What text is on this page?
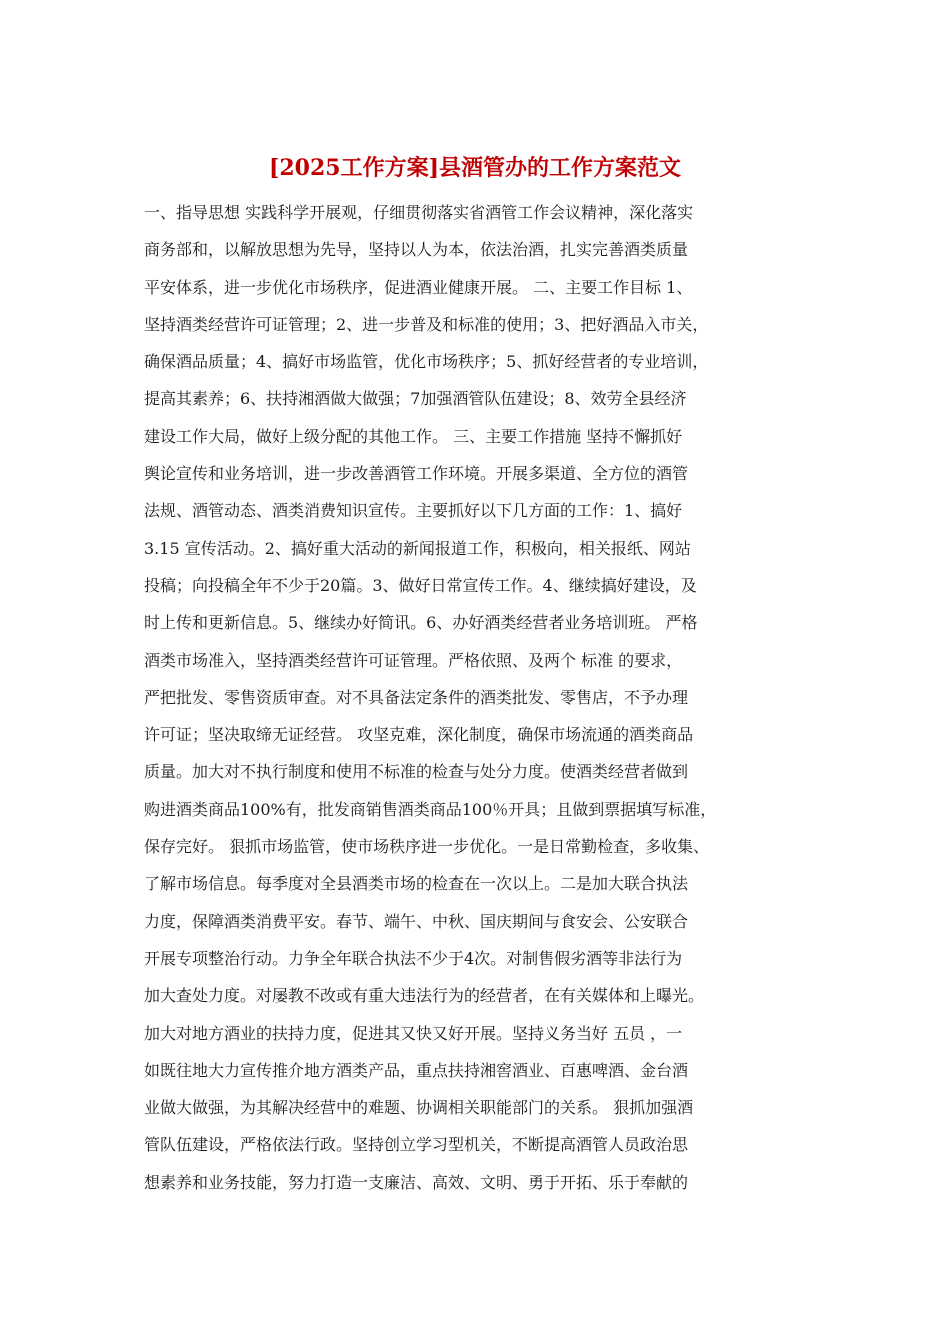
[2025工作方案]县酒管办的工作方案范文
一、指导思想 实践科学开展观，仔细贯彻落实省酒管工作会议精神，深化落实
商务部和，以解放思想为先导，坚持以人为本，依法治酒，扎实完善酒类质量
平安体系，进一步优化市场秩序，促进酒业健康开展。 二、主要工作目标 1、
坚持酒类经营许可证管理；2、进一步普及和标准的使用；3、把好酒品入市关，
确保酒品质量；4、搞好市场监管，优化市场秩序；5、抓好经营者的专业培训，
提高其素养；6、扶持湘酒做大做强；7加强酒管队伍建设；8、效劳全县经济
建设工作大局，做好上级分配的其他工作。 三、主要工作措施 坚持不懈抓好
舆论宣传和业务培训，进一步改善酒管工作环境。开展多渠道、全方位的酒管
法规、酒管动态、酒类消费知识宣传。主要抓好以下几方面的工作：1、搞好
3.15 宣传活动。2、搞好重大活动的新闻报道工作，积极向，相关报纸、网站
投稿；向投稿全年不少于20篇。3、做好日常宣传工作。4、继续搞好建设，及
时上传和更新信息。5、继续办好简讯。6、办好酒类经营者业务培训班。 严格
酒类市场准入，坚持酒类经营许可证管理。严格依照、及两个 标准 的要求，
严把批发、零售资质审查。对不具备法定条件的酒类批发、零售店，不予办理
许可证；坚决取缔无证经营。 攻坚克难，深化制度，确保市场流通的酒类商品
质量。加大对不执行制度和使用不标准的检查与处分力度。使酒类经营者做到
购进酒类商品100%有，批发商销售酒类商品100％开具；且做到票据填写标准，
保存完好。 狠抓市场监管，使市场秩序进一步优化。一是日常勤检查，多收集、
了解市场信息。每季度对全县酒类市场的检查在一次以上。二是加大联合执法
力度，保障酒类消费平安。春节、端午、中秋、国庆期间与食安会、公安联合
开展专项整治行动。力争全年联合执法不少于4次。对制售假劣酒等非法行为
加大查处力度。对屡教不改或有重大违法行为的经营者，在有关媒体和上曝光。
加大对地方酒业的扶持力度，促进其又快又好开展。坚持义务当好 五员 ，一
如既往地大力宣传推介地方酒类产品，重点扶持湘窖酒业、百惠啤酒、金台酒
业做大做强，为其解决经营中的难题、协调相关职能部门的关系。 狠抓加强酒
管队伍建设，严格依法行政。坚持创立学习型机关，不断提高酒管人员政治思
想素养和业务技能，努力打造一支廉洁、高效、文明、勇于开拓、乐于奉献的
